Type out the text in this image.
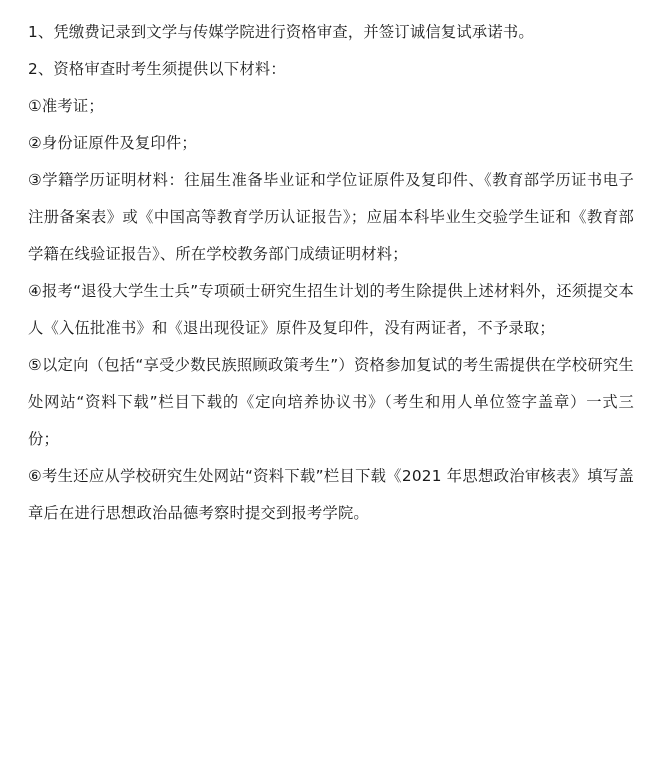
1、凭缴费记录到文学与传媒学院进行资格审查，并签订诚信复试承诺书。

2、资格审查时考生须提供以下材料：

①准考证；

②身份证原件及复印件；

③学籍学历证明材料：往届生准备毕业证和学位证原件及复印件、《教育部学历证书电子注册备案表》或《中国高等教育学历认证报告》；应届本科毕业生交验学生证和《教育部学籍在线验证报告》、所在学校教务部门成绩证明材料；

④报考“退役大学生士兵”专项硕士研究生招生计划的考生除提供上述材料外，还须提交本人《入伍批准书》和《退出现役证》原件及复印件，没有两证者，不予录取；

⑤以定向（包括“享受少数民族照顾政策考生”）资格参加复试的考生需提供在学校研究生处网站“资料下载”栏目下载的《定向培养协议书》（考生和用人单位签字盖章）一式三份；

⑥考生还应从学校研究生处网站“资料下载”栏目下载《2021 年思想政治审核表》填写盖章后在进行思想政治品德考察时提交到报考学院。
